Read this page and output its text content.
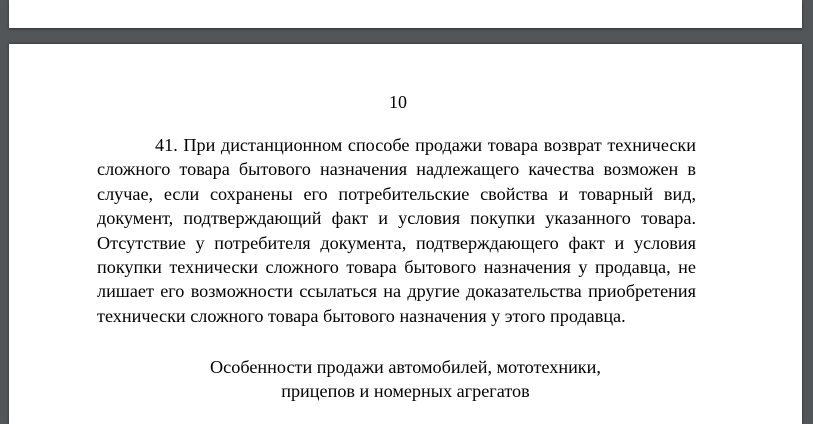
10

41. При дистанционном способе продажи товара возврат технически
сложного товара бытового назначения надлежащего качества возможен в
случае, если сохранены его потребительские свойства и товарный вид,
документ, подтверждающий факт и условия покупки указанного товара.
Отсутствие у потребителя документа, подтверждающего факт и условия
покупки технически сложного товара бытового назначения у продавца, не
лишает его возможности ссылаться на другие доказательства приобретения
технически сложного товара бытового назначения у этого продавца.

Особенности продажи автомобилей, мототехники,
прицепов и номерных агрегатов
